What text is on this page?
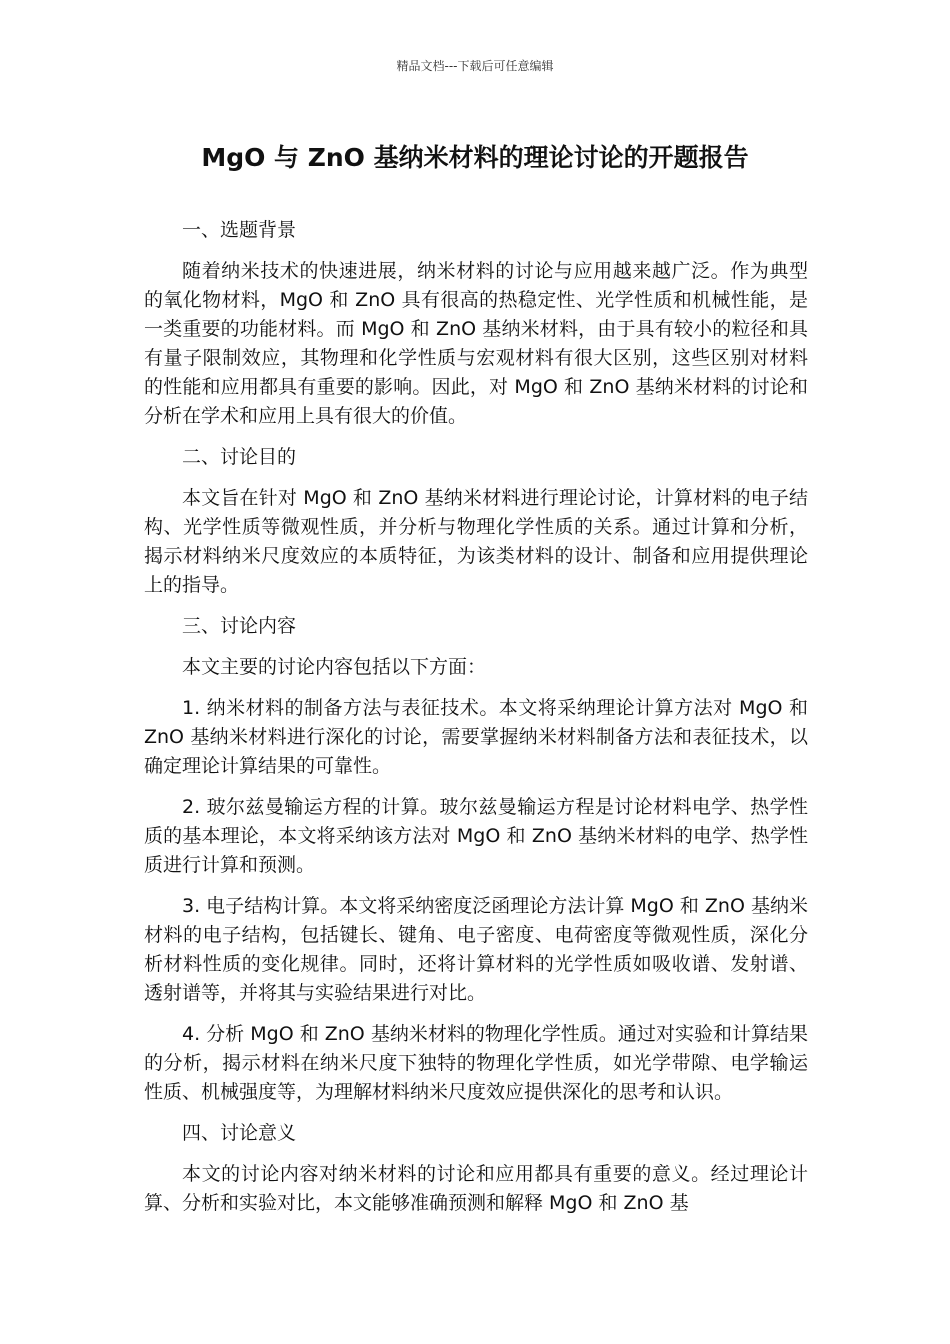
精品文档---下载后可任意编辑
MgO 与 ZnO 基纳米材料的理论讨论的开题报告

一、选题背景

随着纳米技术的快速进展，纳米材料的讨论与应用越来越广泛。作为典型的氧化物材料，MgO 和 ZnO 具有很高的热稳定性、光学性质和机械性能，是一类重要的功能材料。而 MgO 和 ZnO 基纳米材料，由于具有较小的粒径和具有量子限制效应，其物理和化学性质与宏观材料有很大区别，这些区别对材料的性能和应用都具有重要的影响。因此，对 MgO 和 ZnO 基纳米材料的讨论和分析在学术和应用上具有很大的价值。

二、讨论目的

本文旨在针对 MgO 和 ZnO 基纳米材料进行理论讨论，计算材料的电子结构、光学性质等微观性质，并分析与物理化学性质的关系。通过计算和分析，揭示材料纳米尺度效应的本质特征，为该类材料的设计、制备和应用提供理论上的指导。

三、讨论内容

本文主要的讨论内容包括以下方面：

1. 纳米材料的制备方法与表征技术。本文将采纳理论计算方法对 MgO 和 ZnO 基纳米材料进行深化的讨论，需要掌握纳米材料制备方法和表征技术，以确定理论计算结果的可靠性。

2. 玻尔兹曼输运方程的计算。玻尔兹曼输运方程是讨论材料电学、热学性质的基本理论，本文将采纳该方法对 MgO 和 ZnO 基纳米材料的电学、热学性质进行计算和预测。

3. 电子结构计算。本文将采纳密度泛函理论方法计算 MgO 和 ZnO 基纳米材料的电子结构，包括键长、键角、电子密度、电荷密度等微观性质，深化分析材料性质的变化规律。同时，还将计算材料的光学性质如吸收谱、发射谱、透射谱等，并将其与实验结果进行对比。

4. 分析 MgO 和 ZnO 基纳米材料的物理化学性质。通过对实验和计算结果的分析，揭示材料在纳米尺度下独特的物理化学性质，如光学带隙、电学输运性质、机械强度等，为理解材料纳米尺度效应提供深化的思考和认识。

四、讨论意义

本文的讨论内容对纳米材料的讨论和应用都具有重要的意义。经过理论计算、分析和实验对比，本文能够准确预测和解释 MgO 和 ZnO 基
